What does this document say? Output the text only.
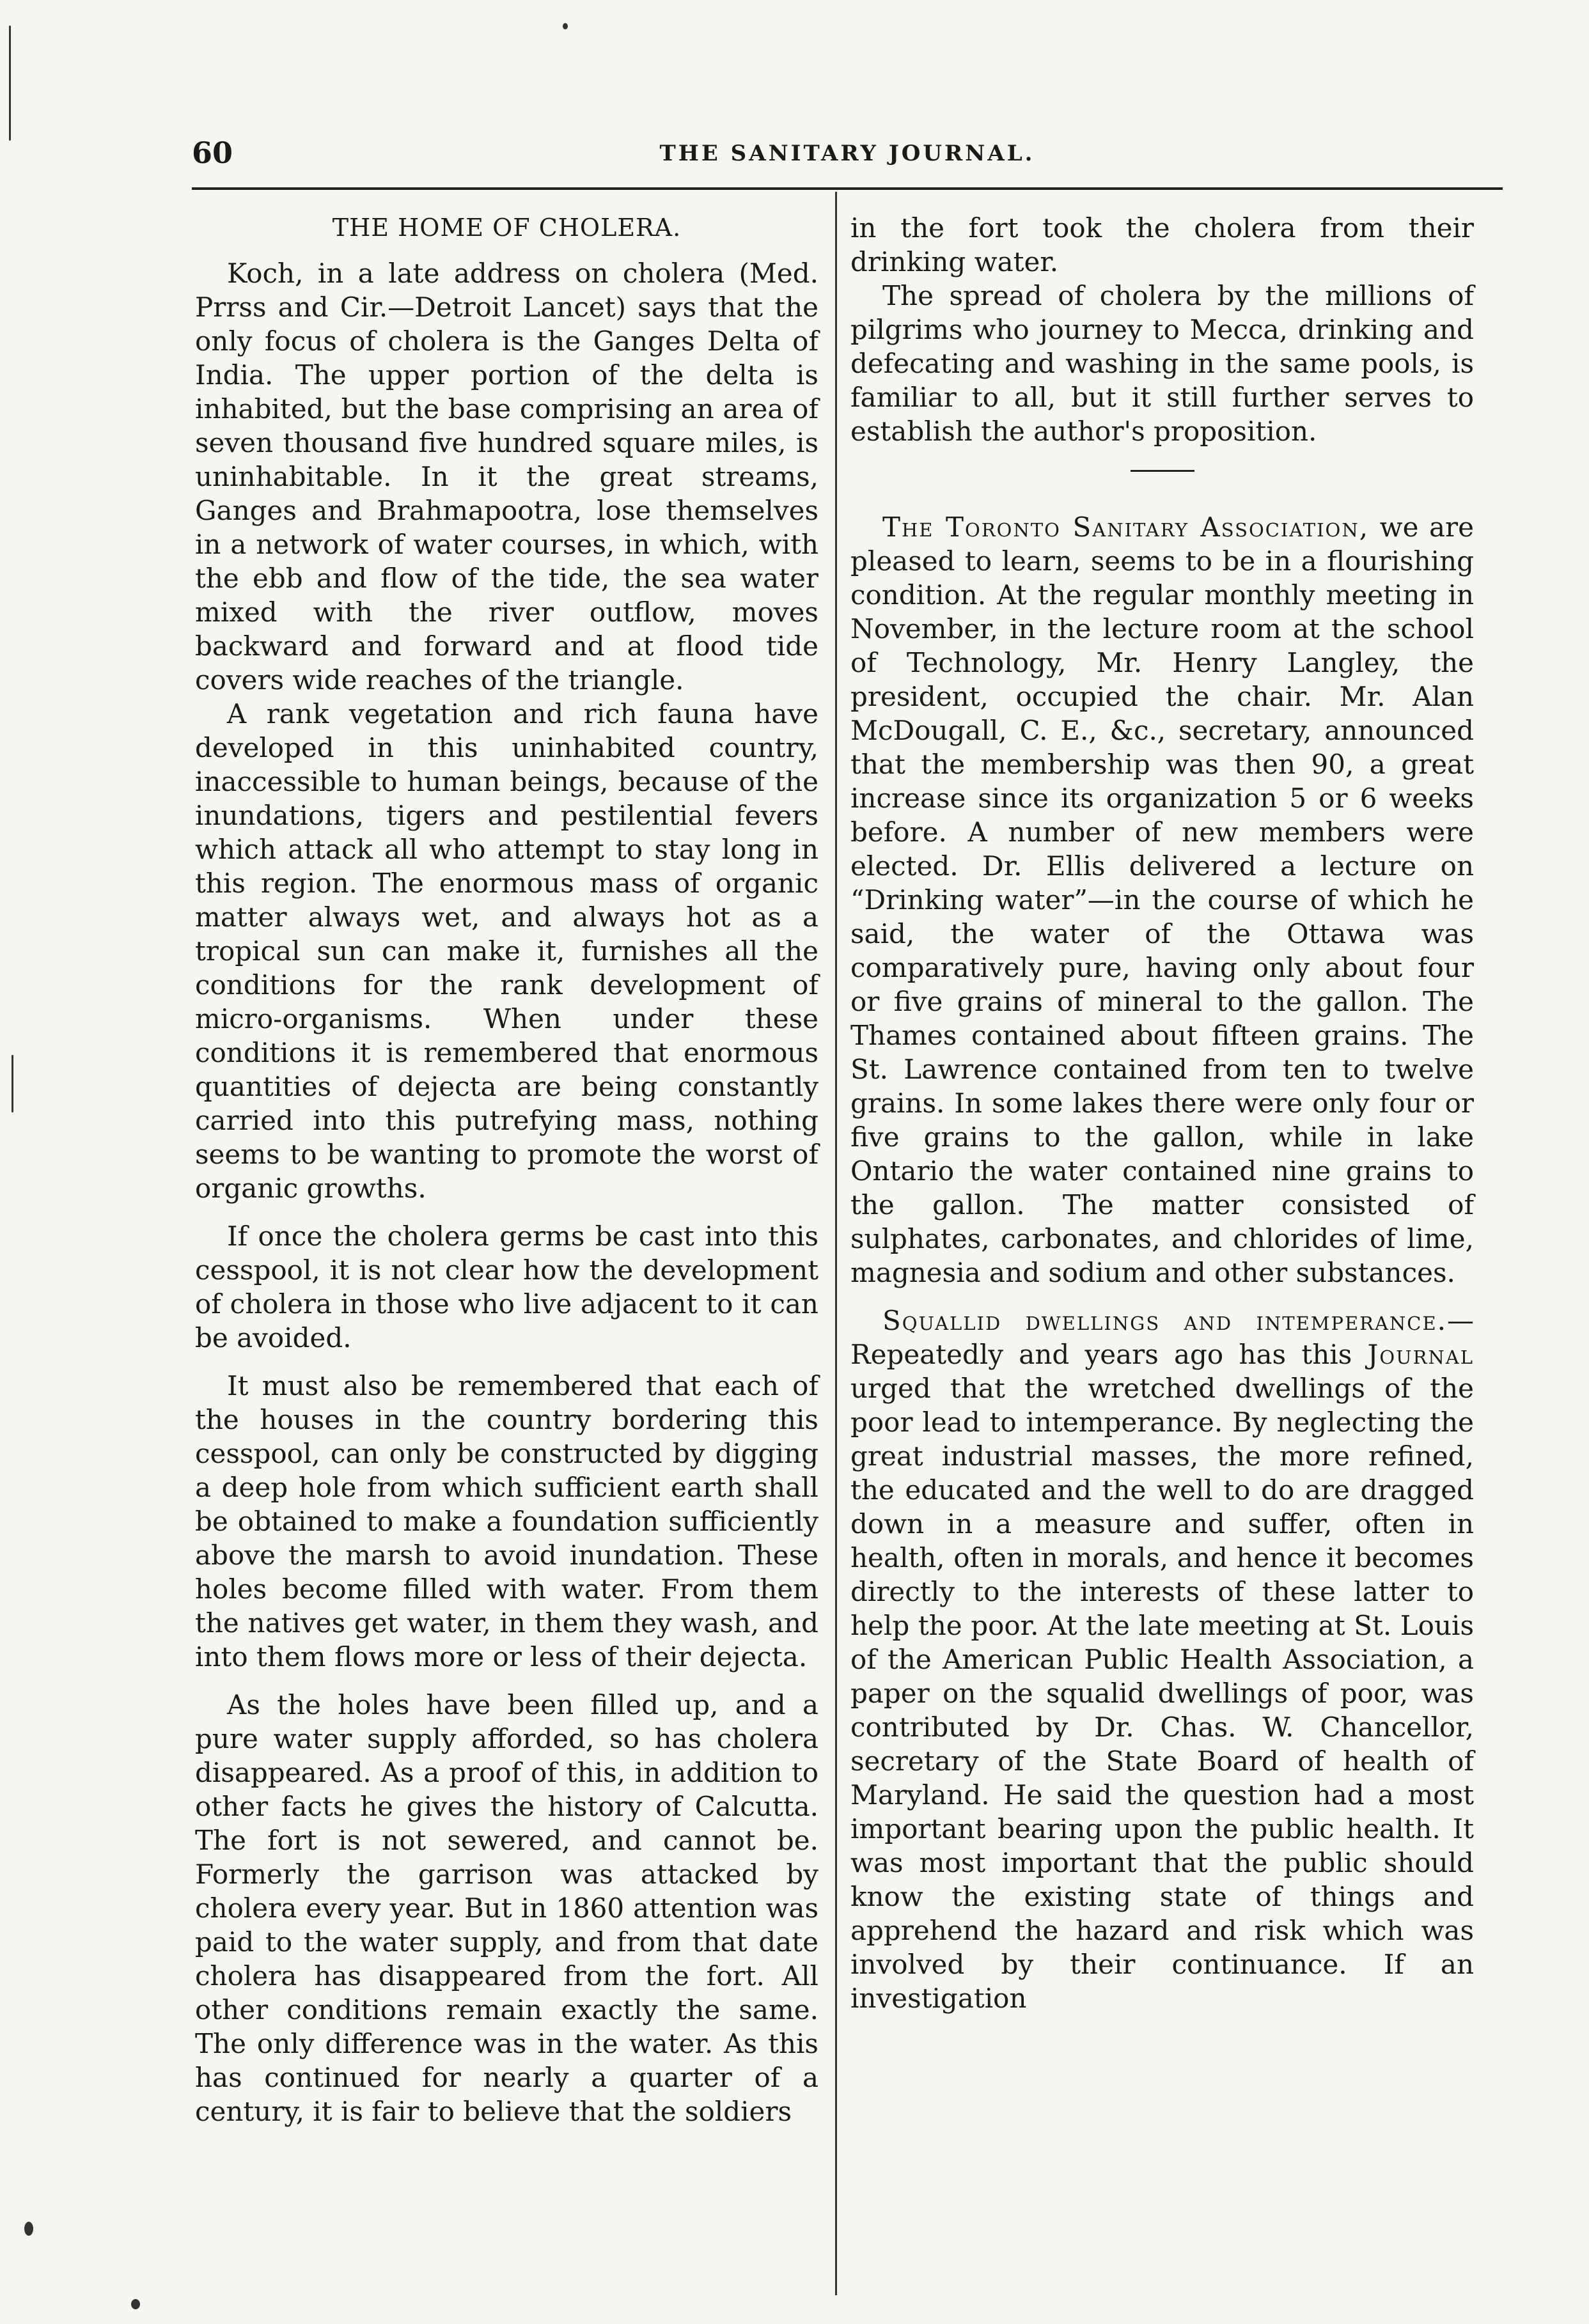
60	THE SANITARY JOURNAL.
THE HOME OF CHOLERA.

Koch, in a late address on cholera (Med. Prrss and Cir.—Detroit Lancet) says that the only focus of cholera is the Ganges Delta of India. The upper portion of the delta is inhabited, but the base comprising an area of seven thousand five hundred square miles, is uninhabitable. In it the great streams, Ganges and Brahmapootra, lose themselves in a network of water courses, in which, with the ebb and flow of the tide, the sea water mixed with the river outflow, moves backward and forward and at flood tide covers wide reaches of the triangle.

A rank vegetation and rich fauna have developed in this uninhabited country, inaccessible to human beings, because of the inundations, tigers and pestilential fevers which attack all who attempt to stay long in this region. The enormous mass of organic matter always wet, and always hot as a tropical sun can make it, furnishes all the conditions for the rank development of micro-organisms. When under these conditions it is remembered that enormous quantities of dejecta are being constantly carried into this putrefying mass, nothing seems to be wanting to promote the worst of organic growths.

If once the cholera germs be cast into this cesspool, it is not clear how the development of cholera in those who live adjacent to it can be avoided.

It must also be remembered that each of the houses in the country bordering this cesspool, can only be constructed by digging a deep hole from which sufficient earth shall be obtained to make a foundation sufficiently above the marsh to avoid inundation. These holes become filled with water. From them the natives get water, in them they wash, and into them flows more or less of their dejecta.

As the holes have been filled up, and a pure water supply afforded, so has cholera disappeared. As a proof of this, in addition to other facts he gives the history of Calcutta. The fort is not sewered, and cannot be. Formerly the garrison was attacked by cholera every year. But in 1860 attention was paid to the water supply, and from that date cholera has disappeared from the fort. All other conditions remain exactly the same. The only difference was in the water. As this has continued for nearly a quarter of a century, it is fair to believe that the soldiers

in the fort took the cholera from their drinking water.

The spread of cholera by the millions of pilgrims who journey to Mecca, drinking and defecating and washing in the same pools, is familiar to all, but it still further serves to establish the author's proposition.

The Toronto Sanitary Association, we are pleased to learn, seems to be in a flourishing condition. At the regular monthly meeting in November, in the lecture room at the school of Technology, Mr. Henry Langley, the president, occupied the chair. Mr. Alan McDougall, C. E., &c., secretary, announced that the membership was then 90, a great increase since its organization 5 or 6 weeks before. A number of new members were elected. Dr. Ellis delivered a lecture on “Drinking water”—in the course of which he said, the water of the Ottawa was comparatively pure, having only about four or five grains of mineral to the gallon. The Thames contained about fifteen grains. The St. Lawrence contained from ten to twelve grains. In some lakes there were only four or five grains to the gallon, while in lake Ontario the water contained nine grains to the gallon. The matter consisted of sulphates, carbonates, and chlorides of lime, magnesia and sodium and other substances.

Squallid dwellings and intemperance.—Repeatedly and years ago has this Journal urged that the wretched dwellings of the poor lead to intemperance. By neglecting the great industrial masses, the more refined, the educated and the well to do are dragged down in a measure and suffer, often in health, often in morals, and hence it becomes directly to the interests of these latter to help the poor. At the late meeting at St. Louis of the American Public Health Association, a paper on the squalid dwellings of poor, was contributed by Dr. Chas. W. Chancellor, secretary of the State Board of health of Maryland. He said the question had a most important bearing upon the public health. It was most important that the public should know the existing state of things and apprehend the hazard and risk which was involved by their continuance. If an investigation
